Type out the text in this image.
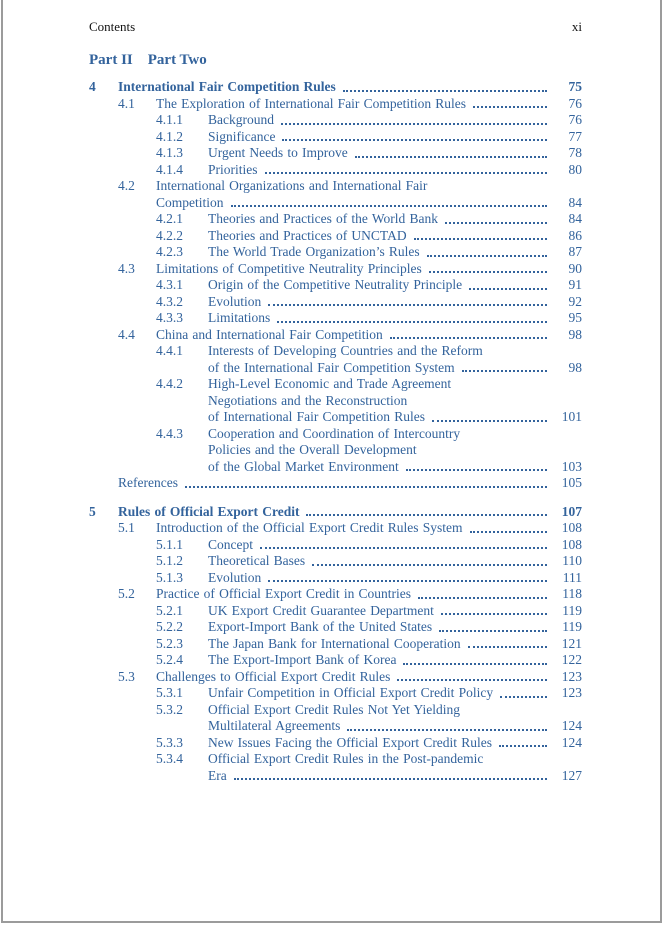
Contents	xi
Part II Part Two
4 International Fair Competition Rules	75
4.1 The Exploration of International Fair Competition Rules	76
4.1.1 Background	76
4.1.2 Significance	77
4.1.3 Urgent Needs to Improve	78
4.1.4 Priorities	80
4.2 International Organizations and International Fair
Competition	84
4.2.1 Theories and Practices of the World Bank	84
4.2.2 Theories and Practices of UNCTAD	86
4.2.3 The World Trade Organization’s Rules	87
4.3 Limitations of Competitive Neutrality Principles	90
4.3.1 Origin of the Competitive Neutrality Principle	91
4.3.2 Evolution	92
4.3.3 Limitations	95
4.4 China and International Fair Competition	98
4.4.1 Interests of Developing Countries and the Reform
of the International Fair Competition System	98
4.4.2 High-Level Economic and Trade Agreement
Negotiations and the Reconstruction
of International Fair Competition Rules	101
4.4.3 Cooperation and Coordination of Intercountry
Policies and the Overall Development
of the Global Market Environment	103
References	105
5 Rules of Official Export Credit	107
5.1 Introduction of the Official Export Credit Rules System	108
5.1.1 Concept	108
5.1.2 Theoretical Bases	110
5.1.3 Evolution	111
5.2 Practice of Official Export Credit in Countries	118
5.2.1 UK Export Credit Guarantee Department	119
5.2.2 Export-Import Bank of the United States	119
5.2.3 The Japan Bank for International Cooperation	121
5.2.4 The Export-Import Bank of Korea	122
5.3 Challenges to Official Export Credit Rules	123
5.3.1 Unfair Competition in Official Export Credit Policy	123
5.3.2 Official Export Credit Rules Not Yet Yielding
Multilateral Agreements	124
5.3.3 New Issues Facing the Official Export Credit Rules	124
5.3.4 Official Export Credit Rules in the Post-pandemic
Era	127
